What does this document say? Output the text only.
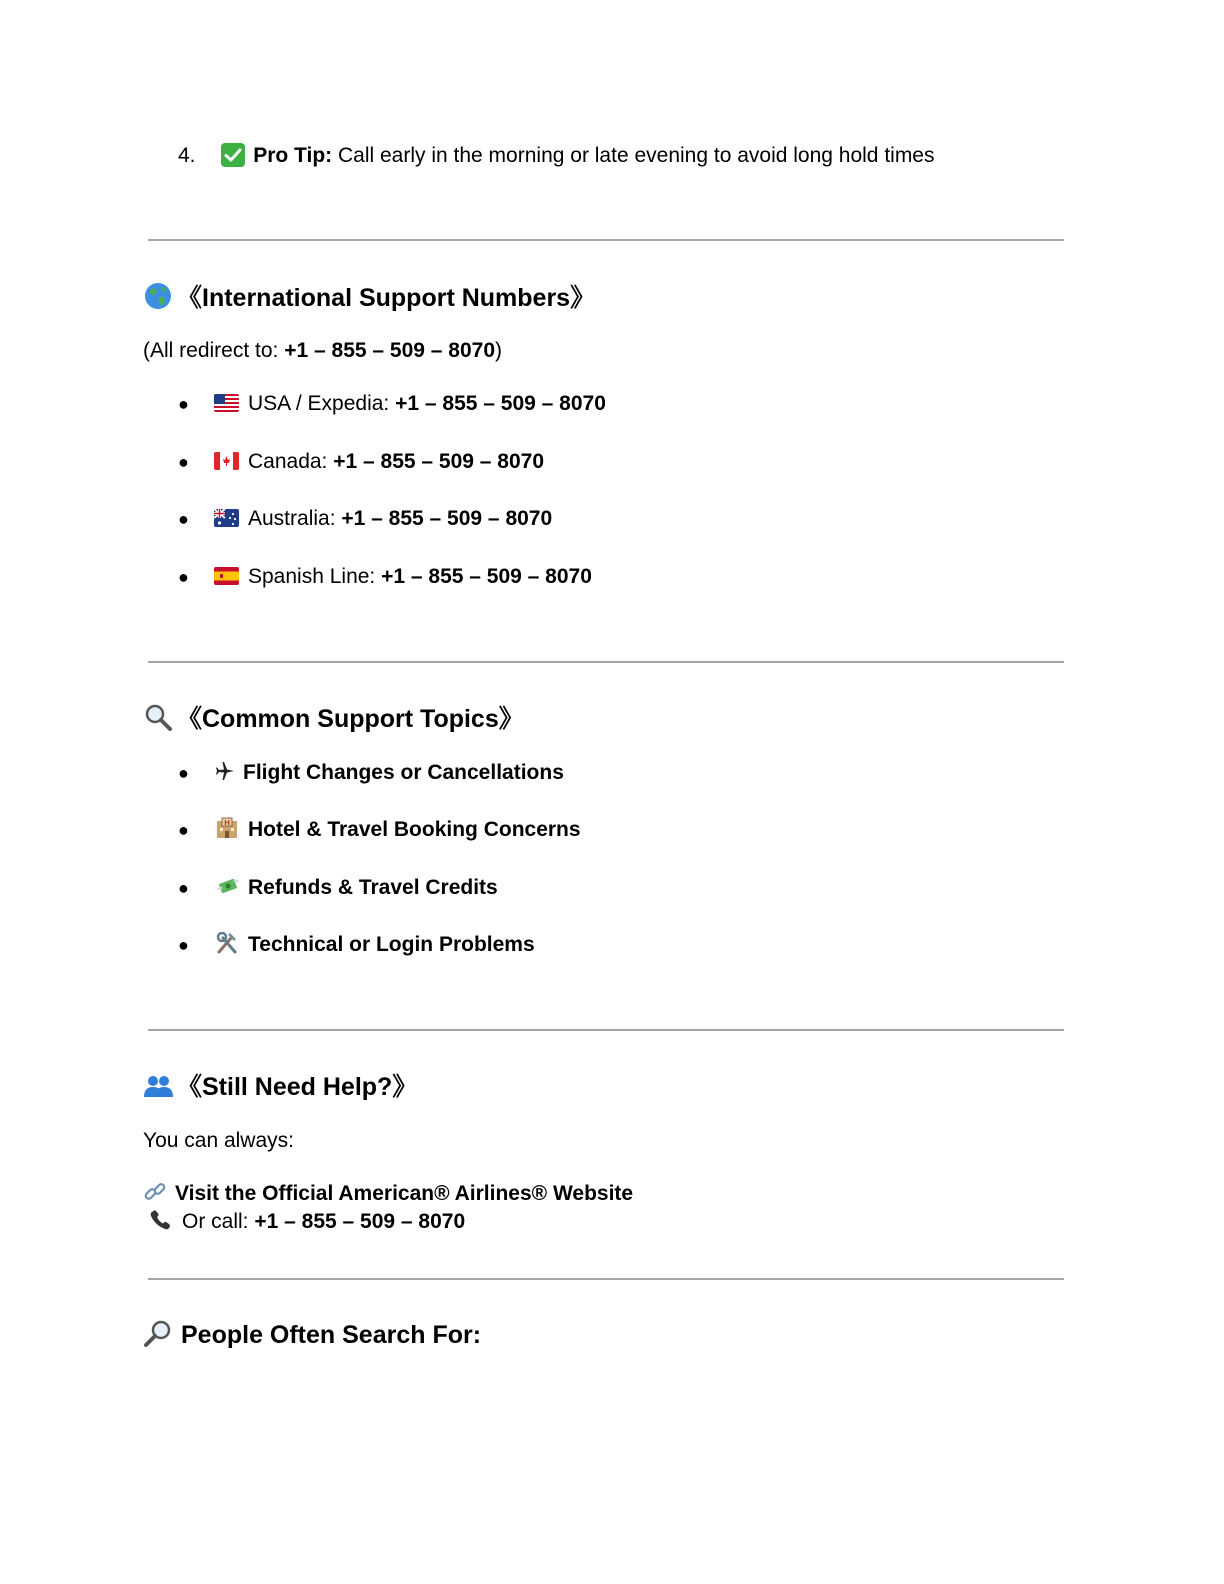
4.	Pro Tip: Call early in the morning or late evening to avoid long hold times
《International Support Numbers》
(All redirect to: +1 – 855 – 509 – 8070)
●	USA / Expedia: +1 – 855 – 509 – 8070
●	Canada: +1 – 855 – 509 – 8070
●	Australia: +1 – 855 – 509 – 8070
●	Spanish Line: +1 – 855 – 509 – 8070
《Common Support Topics》
●	Flight Changes or Cancellations
●	H Hotel & Travel Booking Concerns
●	Refunds & Travel Credits
●	Technical or Login Problems
《Still Need Help?》
You can always:
Visit the Official American® Airlines® Website
Or call: +1 – 855 – 509 – 8070
People Often Search For:
